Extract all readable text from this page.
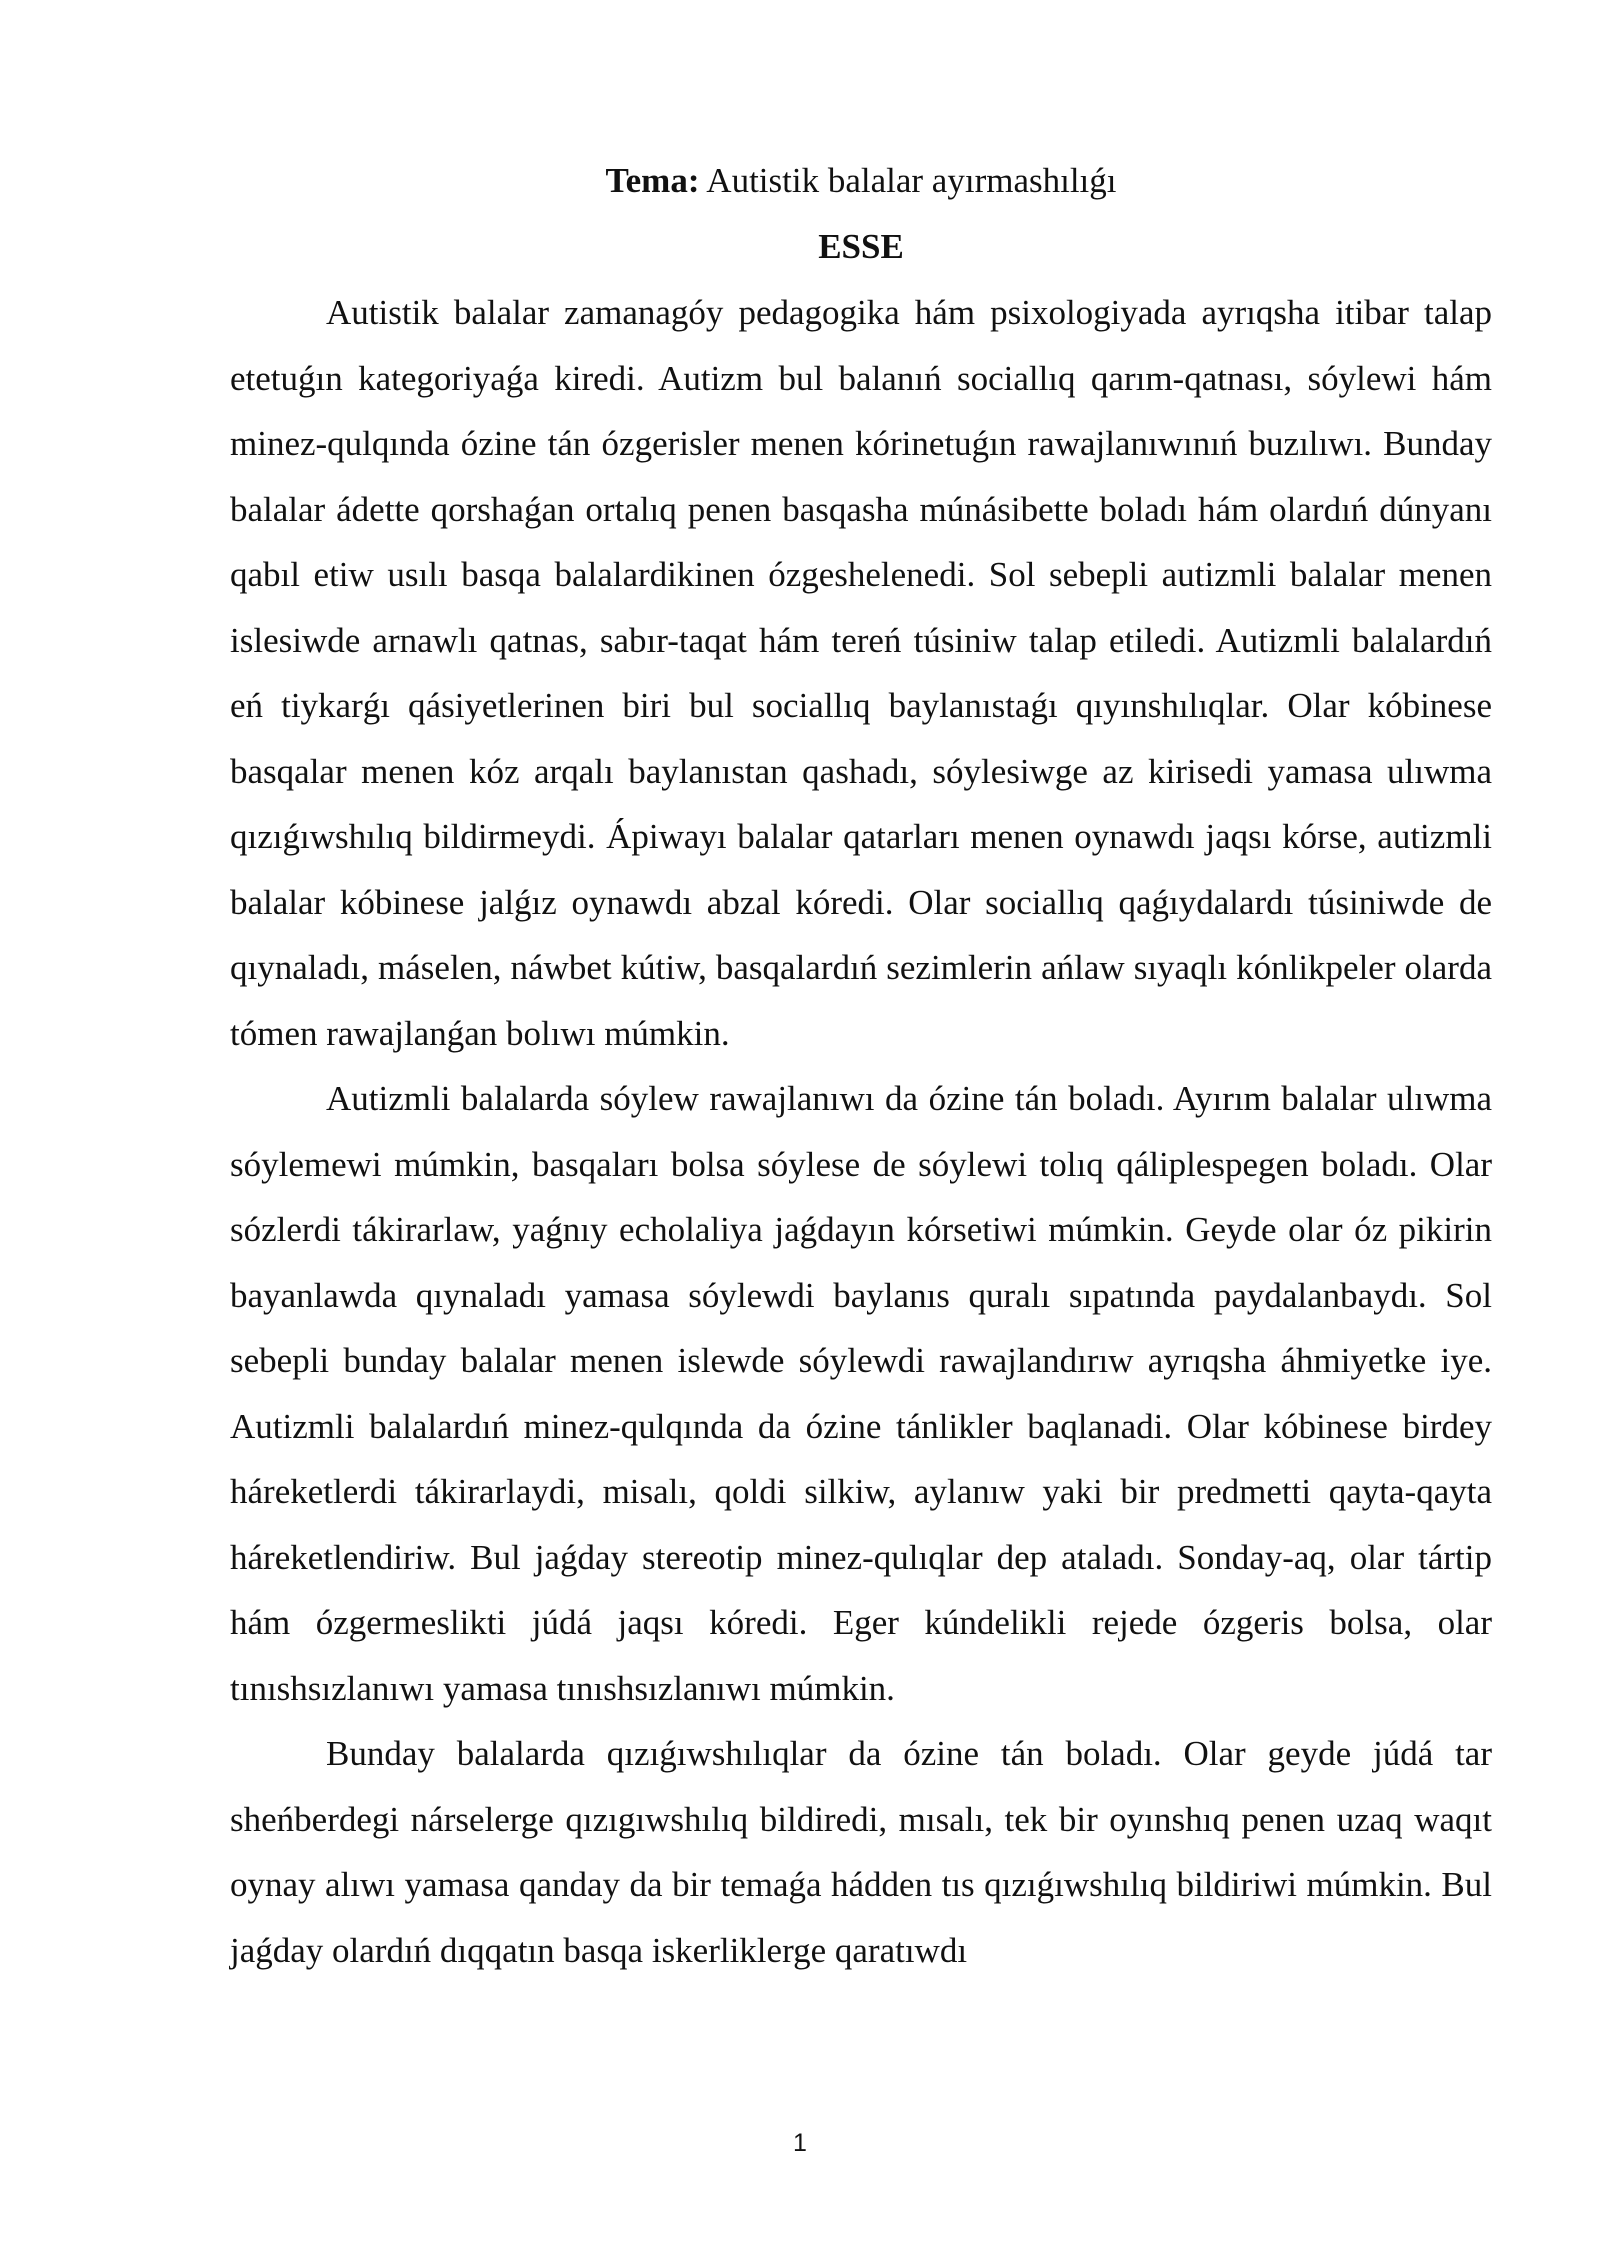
Tema: Autistik balalar ayırmashılıǵı

ESSE

Autistik balalar zamanagóy pedagogika hám psixologiyada ayrıqsha itibar talap etetuǵın kategoriyaǵa kiredi. Autizm bul balanıń sociallıq qarım-qatnası, sóylewi hám minez-qulqında ózine tán ózgerisler menen kórinetuǵın rawajlanıwınıń buzılıwı. Bunday balalar ádette qorshaǵan ortalıq penen basqasha múnásibette boladı hám olardıń dúnyanı qabıl etiw usılı basqa balalardikinen ózgeshelenedi. Sol sebepli autizmli balalar menen islesiwde arnawlı qatnas, sabır-taqat hám tereń túsiniw talap etiledi. Autizmli balalardıń eń tiykarǵı qásiyetlerinen biri bul sociallıq baylanıstaǵı qıyınshılıqlar. Olar kóbinese basqalar menen kóz arqalı baylanıstan qashadı, sóylesiwge az kirisedi yamasa ulıwma qızıǵıwshılıq bildirmeydi. Ápiwayı balalar qatarları menen oynawdı jaqsı kórse, autizmli balalar kóbinese jalǵız oynawdı abzal kóredi. Olar sociallıq qaǵıydalardı túsiniwde de qıynaladı, máselen, náwbet kútiw, basqalardıń sezimlerin ańlaw sıyaqlı kónlikpeler olarda tómen rawajlanǵan bolıwı múmkin.

Autizmli balalarda sóylew rawajlanıwı da ózine tán boladı. Ayırım balalar ulıwma sóylemewi múmkin, basqaları bolsa sóylese de sóylewi tolıq qáliplespegen boladı. Olar sózlerdi tákirarlaw, yaǵnıy echolaliya jaǵdayın kórsetiwi múmkin. Geyde olar óz pikirin bayanlawda qıynaladı yamasa sóylewdi baylanıs quralı sıpatında paydalanbaydı. Sol sebepli bunday balalar menen islewde sóylewdi rawajlandırıw ayrıqsha áhmiyetke iye. Autizmli balalardıń minez-qulqında da ózine tánlikler baqlanadi. Olar kóbinese birdey háreketlerdi tákirarlaydi, misalı, qoldi silkiw, aylanıw yaki bir predmetti qayta-qayta háreketlendiriw. Bul jaǵday stereotip minez-qulıqlar dep ataladı. Sonday-aq, olar tártip hám ózgermeslikti júdá jaqsı kóredi. Eger kúndelikli rejede ózgeris bolsa, olar tınıshsızlanıwı yamasa tınıshsızlanıwı múmkin.

Bunday balalarda qızıǵıwshılıqlar da ózine tán boladı. Olar geyde júdá tar sheńberdegi nárselerge qızıgıwshılıq bildiredi, mısalı, tek bir oyınshıq penen uzaq waqıt oynay alıwı yamasa qanday da bir temaǵa hádden tıs qızıǵıwshılıq bildiriwi múmkin. Bul jaǵday olardıń dıqqatın basqa iskerliklerge qaratıwdı

1
